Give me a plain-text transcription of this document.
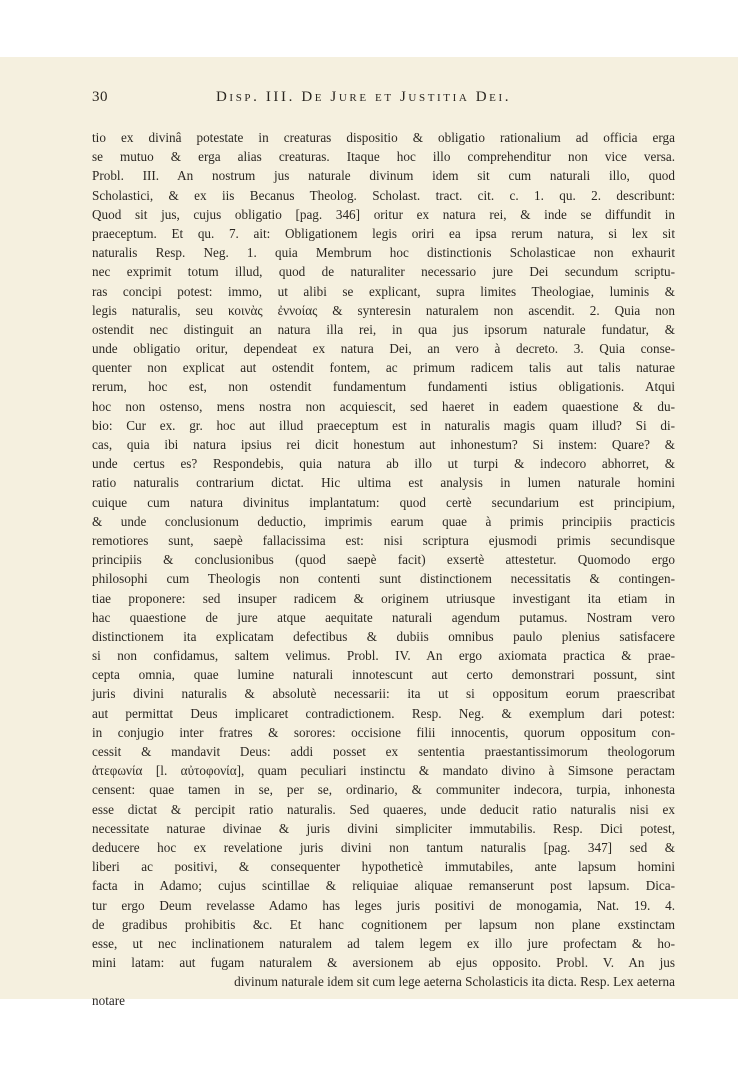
30	Disp. III. De Jure et Justitia Dei.
tio ex divinâ potestate in creaturas dispositio & obligatio rationalium ad officia erga
se mutuo & erga alias creaturas. Itaque hoc illo comprehenditur non vice versa.
Probl. III. An nostrum jus naturale divinum idem sit cum naturali illo, quod
Scholastici, & ex iis Becanus Theolog. Scholast. tract. cit. c. 1. qu. 2. describunt:
Quod sit jus, cujus obligatio [pag. 346] oritur ex natura rei, & inde se diffundit in
praeceptum. Et qu. 7. ait: Obligationem legis oriri ea ipsa rerum natura, si lex sit
naturalis Resp. Neg. 1. quia Membrum hoc distinctionis Scholasticae non exhaurit
nec exprimit totum illud, quod de naturaliter necessario jure Dei secundum scriptu-
ras concipi potest: immo, ut alibi se explicant, supra limites Theologiae, luminis &
legis naturalis, seu κοινὰς ἐννοίας & synteresin naturalem non ascendit. 2. Quia non
ostendit nec distinguit an natura illa rei, in qua jus ipsorum naturale fundatur, &
unde obligatio oritur, dependeat ex natura Dei, an vero à decreto. 3. Quia conse-
quenter non explicat aut ostendit fontem, ac primum radicem talis aut talis naturae
rerum, hoc est, non ostendit fundamentum fundamenti istius obligationis. Atqui
hoc non ostenso, mens nostra non acquiescit, sed haeret in eadem quaestione & du-
bio: Cur ex. gr. hoc aut illud praeceptum est in naturalis magis quam illud? Si di-
cas, quia ibi natura ipsius rei dicit honestum aut inhonestum? Si instem: Quare? &
unde certus es? Respondebis, quia natura ab illo ut turpi & indecoro abhorret, &
ratio naturalis contrarium dictat. Hic ultima est analysis in lumen naturale homini
cuique cum natura divinitus implantatum: quod certè secundarium est principium,
& unde conclusionum deductio, imprimis earum quae à primis principiis practicis
remotiores sunt, saepè fallacissima est: nisi scriptura ejusmodi primis secundisque
principiis & conclusionibus (quod saepè facit) exsertè attestetur. Quomodo ergo
philosophi cum Theologis non contenti sunt distinctionem necessitatis & contingen-
tiae proponere: sed insuper radicem & originem utriusque investigant ita etiam in
hac quaestione de jure atque aequitate naturali agendum putamus. Nostram vero
distinctionem ita explicatam defectibus & dubiis omnibus paulo plenius satisfacere
si non confidamus, saltem velimus. Probl. IV. An ergo axiomata practica & prae-
cepta omnia, quae lumine naturali innotescunt aut certo demonstrari possunt, sint
juris divini naturalis & absolutè necessarii: ita ut si oppositum eorum praescribat
aut permittat Deus implicaret contradictionem. Resp. Neg. & exemplum dari potest:
in conjugio inter fratres & sorores: occisione filii innocentis, quorum oppositum con-
cessit & mandavit Deus: addi posset ex sententia praestantissimorum theologorum
ἀτεφωνία [l. αὐτοφονία], quam peculiari instinctu & mandato divino à Simsone peractam
censent: quae tamen in se, per se, ordinario, & communiter indecora, turpia, inhonesta
esse dictat & percipit ratio naturalis. Sed quaeres, unde deducit ratio naturalis nisi ex
necessitate naturae divinae & juris divini simpliciter immutabilis. Resp. Dici potest,
deducere hoc ex revelatione juris divini non tantum naturalis [pag. 347] sed &
liberi ac positivi, & consequenter hypotheticè immutabiles, ante lapsum homini
facta in Adamo; cujus scintillae & reliquiae aliquae remanserunt post lapsum. Dica-
tur ergo Deum revelasse Adamo has leges juris positivi de monogamia, Nat. 19. 4.
de gradibus prohibitis &c. Et hanc cognitionem per lapsum non plane exstinctam
esse, ut nec inclinationem naturalem ad talem legem ex illo jure profectam & ho-
mini latam: aut fugam naturalem & aversionem ab ejus opposito. Probl. V. An jus
divinum naturale idem sit cum lege aeterna Scholasticis ita dicta. Resp. Lex aeterna
notare
